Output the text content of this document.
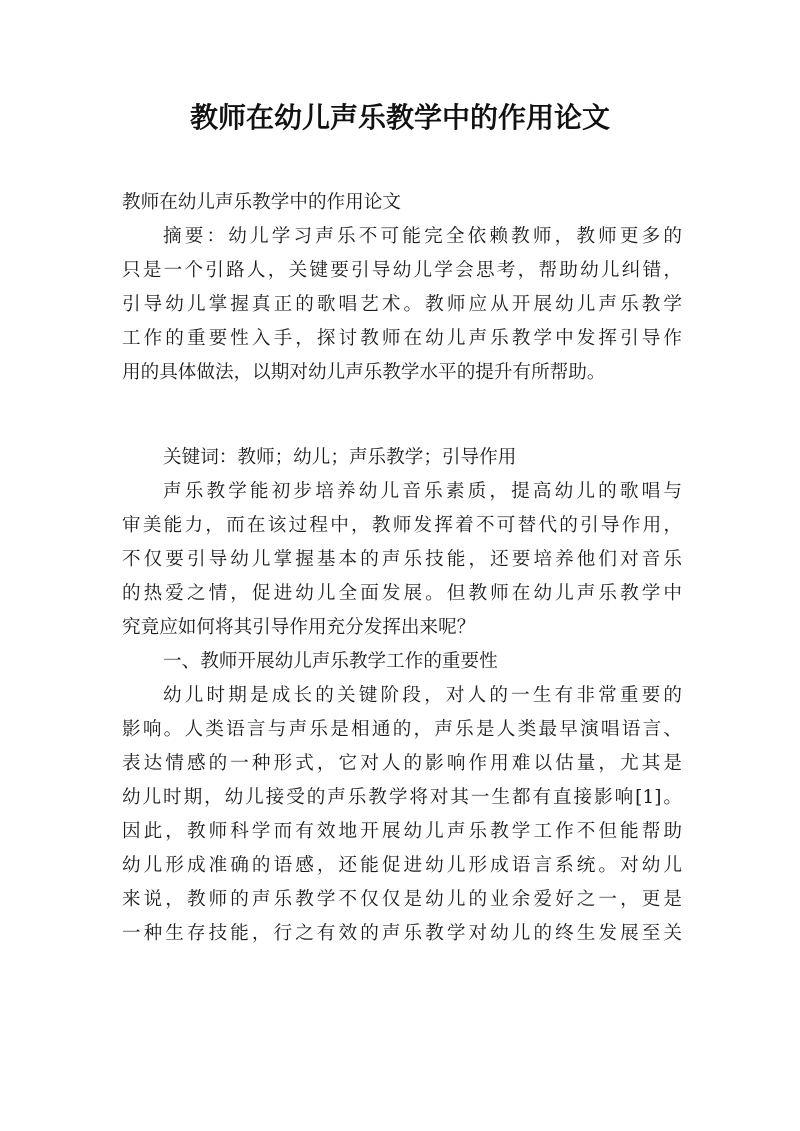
教师在幼儿声乐教学中的作用论文

教师在幼儿声乐教学中的作用论文

摘要：幼儿学习声乐不可能完全依赖教师，教师更多的
只是一个引路人，关键要引导幼儿学会思考，帮助幼儿纠错，
引导幼儿掌握真正的歌唱艺术。教师应从开展幼儿声乐教学
工作的重要性入手，探讨教师在幼儿声乐教学中发挥引导作
用的具体做法，以期对幼儿声乐教学水平的提升有所帮助。
关键词：教师；幼儿；声乐教学；引导作用
声乐教学能初步培养幼儿音乐素质，提高幼儿的歌唱与
审美能力，而在该过程中，教师发挥着不可替代的引导作用，
不仅要引导幼儿掌握基本的声乐技能，还要培养他们对音乐
的热爱之情，促进幼儿全面发展。但教师在幼儿声乐教学中
究竟应如何将其引导作用充分发挥出来呢？
一、教师开展幼儿声乐教学工作的重要性
幼儿时期是成长的关键阶段，对人的一生有非常重要的
影响。人类语言与声乐是相通的，声乐是人类最早演唱语言、
表达情感的一种形式，它对人的影响作用难以估量，尤其是
幼儿时期，幼儿接受的声乐教学将对其一生都有直接影响[1]。
因此，教师科学而有效地开展幼儿声乐教学工作不但能帮助
幼儿形成准确的语感，还能促进幼儿形成语言系统。对幼儿
来说，教师的声乐教学不仅仅是幼儿的业余爱好之一，更是
一种生存技能，行之有效的声乐教学对幼儿的终生发展至关
